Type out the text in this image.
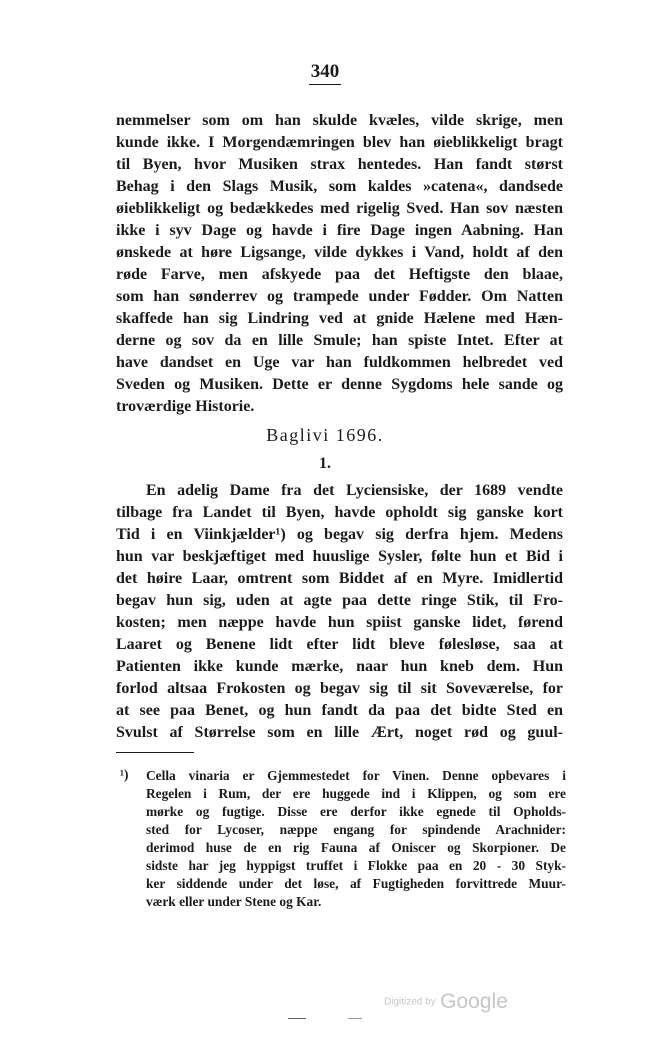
340
nemmelser som om han skulde kvæles, vilde skrige, men
kunde ikke. I Morgendæmringen blev han øieblikkeligt bragt
til Byen, hvor Musiken strax hentedes. Han fandt størst
Behag i den Slags Musik, som kaldes »catena«, dandsede
øieblikkeligt og bedækkedes med rigelig Sved. Han sov næsten
ikke i syv Dage og havde i fire Dage ingen Aabning. Han
ønskede at høre Ligsange, vilde dykkes i Vand, holdt af den
røde Farve, men afskyede paa det Heftigste den blaae,
som han sønderrev og trampede under Fødder. Om Natten
skaffede han sig Lindring ved at gnide Hælene med Hæn-
derne og sov da en lille Smule; han spiste Intet. Efter at
have dandset en Uge var han fuldkommen helbredet ved
Sveden og Musiken. Dette er denne Sygdoms hele sande og
troværdige Historie.
Baglivi 1696.
1.
En adelig Dame fra det Lyciensiske, der 1689 vendte
tilbage fra Landet til Byen, havde opholdt sig ganske kort
Tid i en Viinkjælder¹) og begav sig derfra hjem. Medens
hun var beskjæftiget med huuslige Sysler, følte hun et Bid i
det høire Laar, omtrent som Biddet af en Myre. Imidlertid
begav hun sig, uden at agte paa dette ringe Stik, til Fro-
kosten; men næppe havde hun spiist ganske lidet, førend
Laaret og Benene lidt efter lidt bleve følesløse, saa at
Patienten ikke kunde mærke, naar hun kneb dem. Hun
forlod altsaa Frokosten og begav sig til sit Soveværelse, for
at see paa Benet, og hun fandt da paa det bidte Sted en
Svulst af Størrelse som en lille Ært, noget rød og guul-
¹) Cella vinaria er Gjemmestedet for Vinen. Denne opbevares i
Regelen i Rum, der ere huggede ind i Klippen, og som ere
mørke og fugtige. Disse ere derfor ikke egnede til Opholds-
sted for Lycoser, næppe engang for spindende Arachnider:
derimod huse de en rig Fauna af Oniscer og Skorpioner. De
sidste har jeg hyppigst truffet i Flokke paa en 20 - 30 Styk-
ker siddende under det løse, af Fugtigheden forvittrede Muur-
værk eller under Stene og Kar.
Digitized by Google
